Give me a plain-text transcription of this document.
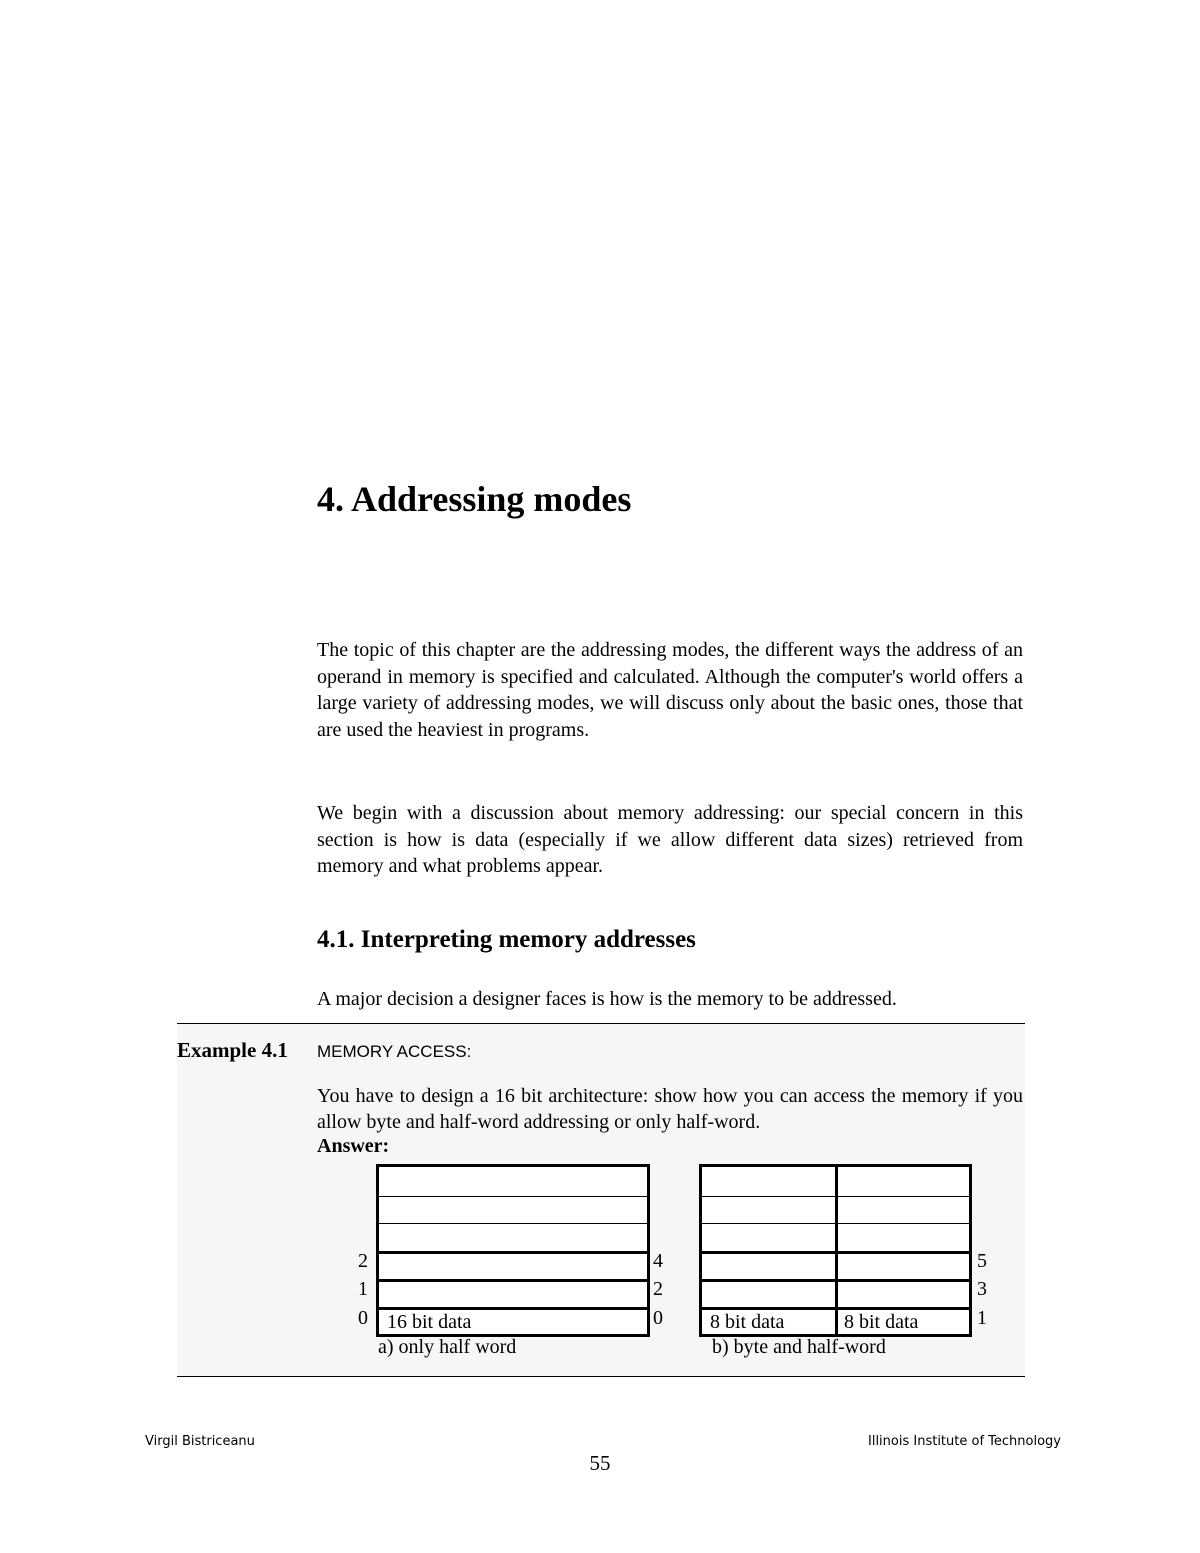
4. Addressing modes

The topic of this chapter are the addressing modes, the different ways the address of an operand in memory is specified and calculated. Although the computer's world offers a large variety of addressing modes, we will discuss only about the basic ones, those that are used the heaviest in programs.

We begin with a discussion about memory addressing: our special concern in this section is how is data (especially if we allow different data sizes) retrieved from memory and what problems appear.

4.1. Interpreting memory addresses

A major decision a designer faces is how is the memory to be addressed.

Example 4.1 MEMORY ACCESS:

You have to design a 16 bit architecture: show how you can access the memory if you allow byte and half-word addressing or only half-word.

Answer:
16 bit data
2
1
0
4
2
0
a) only half word
8 bit data	8 bit data
5
3
1
b) byte and half-word
Virgil Bistriceanu	Illinois Institute of Technology
55
